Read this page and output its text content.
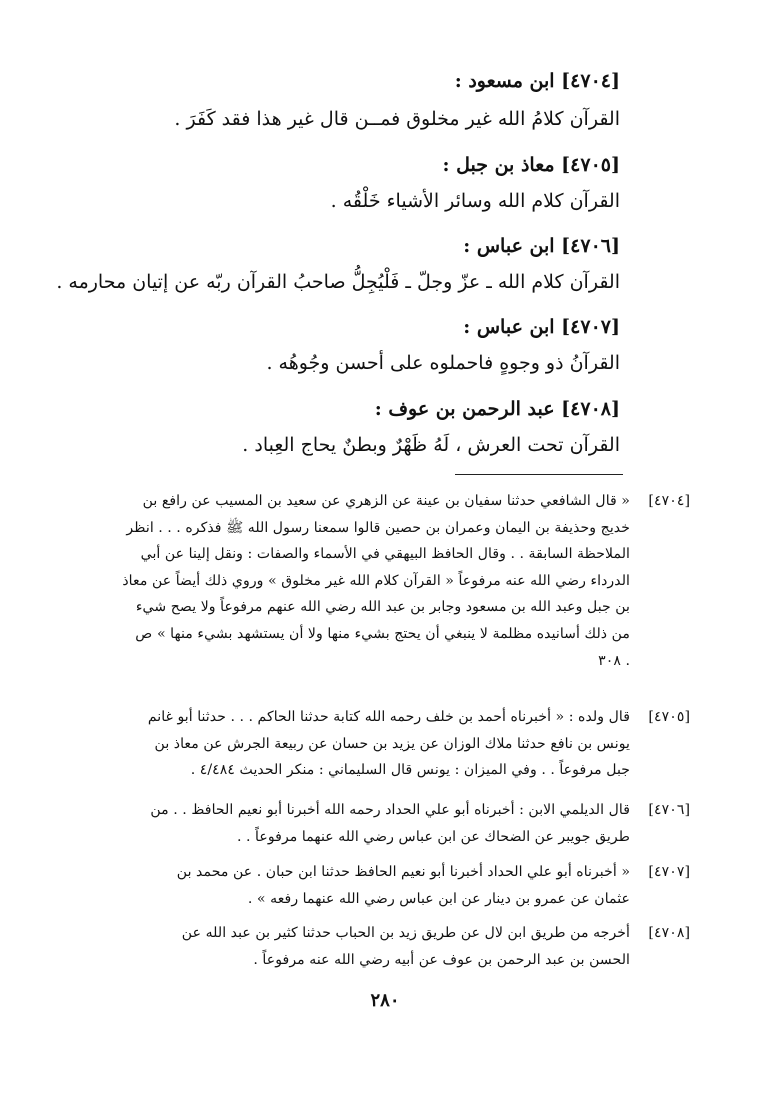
[٤٧٠٤] ابن مسعود :
القرآن كلامُ الله غير مخلوق فمــن قال غير هذا فقد كَفَرَ .
[٤٧٠٥] معاذ بن جبل :
القرآن كلام الله وسائر الأشياء خَلْقُه .
[٤٧٠٦] ابن عباس :
القرآن كلام الله ـ عزّ وجلّ ـ فَلْيُجِلُّ صاحبُ القرآن ربّه عن إتيان محارمه .
[٤٧٠٧] ابن عباس :
القرآنُ ذو وجوهٍ فاحملوه على أحسن وجُوهُه .
[٤٧٠٨] عبد الرحمن بن عوف :
القرآن تحت العرش ، لَهُ ظَهْرٌ وبطنٌ يحاج العِباد .
[٤٧٠٤]
« قال الشافعي حدثنا سفيان بن عينة عن الزهري عن سعيد بن المسيب عن رافع بن
خديج وحذيفة بن اليمان وعمران بن حصين قالوا سمعنا رسول الله ﷺ فذكره . . . انظر
الملاحظة السابقة . . وقال الحافظ البيهقي في الأسماء والصفات : ونقل إلينا عن أبي
الدرداء رضي الله عنه مرفوعاً « القرآن كلام الله غير مخلوق » وروي ذلك أيضاً عن معاذ
بن جبل وعبد الله بن مسعود وجابر بن عبد الله رضي الله عنهم مرفوعاً ولا يصح شيء
من ذلك أسانيده مظلمة لا ينبغي أن يحتج بشيء منها ولا أن يستشهد بشيء منها » ص
. ٣٠٨
[٤٧٠٥]
قال ولده : « أخبرناه أحمد بن خلف رحمه الله كتابة حدثنا الحاكم . . . حدثنا أبو غانم
يونس بن نافع حدثنا ملاك الوزان عن يزيد بن حسان عن ربيعة الجرش عن معاذ بن
جبل مرفوعاً . . وفي الميزان : يونس قال السليماني : منكر الحديث ٤/٤٨٤ .
[٤٧٠٦]
قال الديلمي الابن : أخبرناه أبو علي الحداد رحمه الله أخبرنا أبو نعيم الحافظ . . من
طريق جويبر عن الضحاك عن ابن عباس رضي الله عنهما مرفوعاً . .
[٤٧٠٧]
« أخبرناه أبو علي الحداد أخبرنا أبو نعيم الحافظ حدثنا ابن حبان . عن محمد بن
عثمان عن عمرو بن دينار عن ابن عباس رضي الله عنهما رفعه » .
[٤٧٠٨]
أخرجه من طريق ابن لال عن طريق زيد بن الحباب حدثنا كثير بن عبد الله عن
الحسن بن عبد الرحمن بن عوف عن أبيه رضي الله عنه مرفوعاً .
٢٨٠
